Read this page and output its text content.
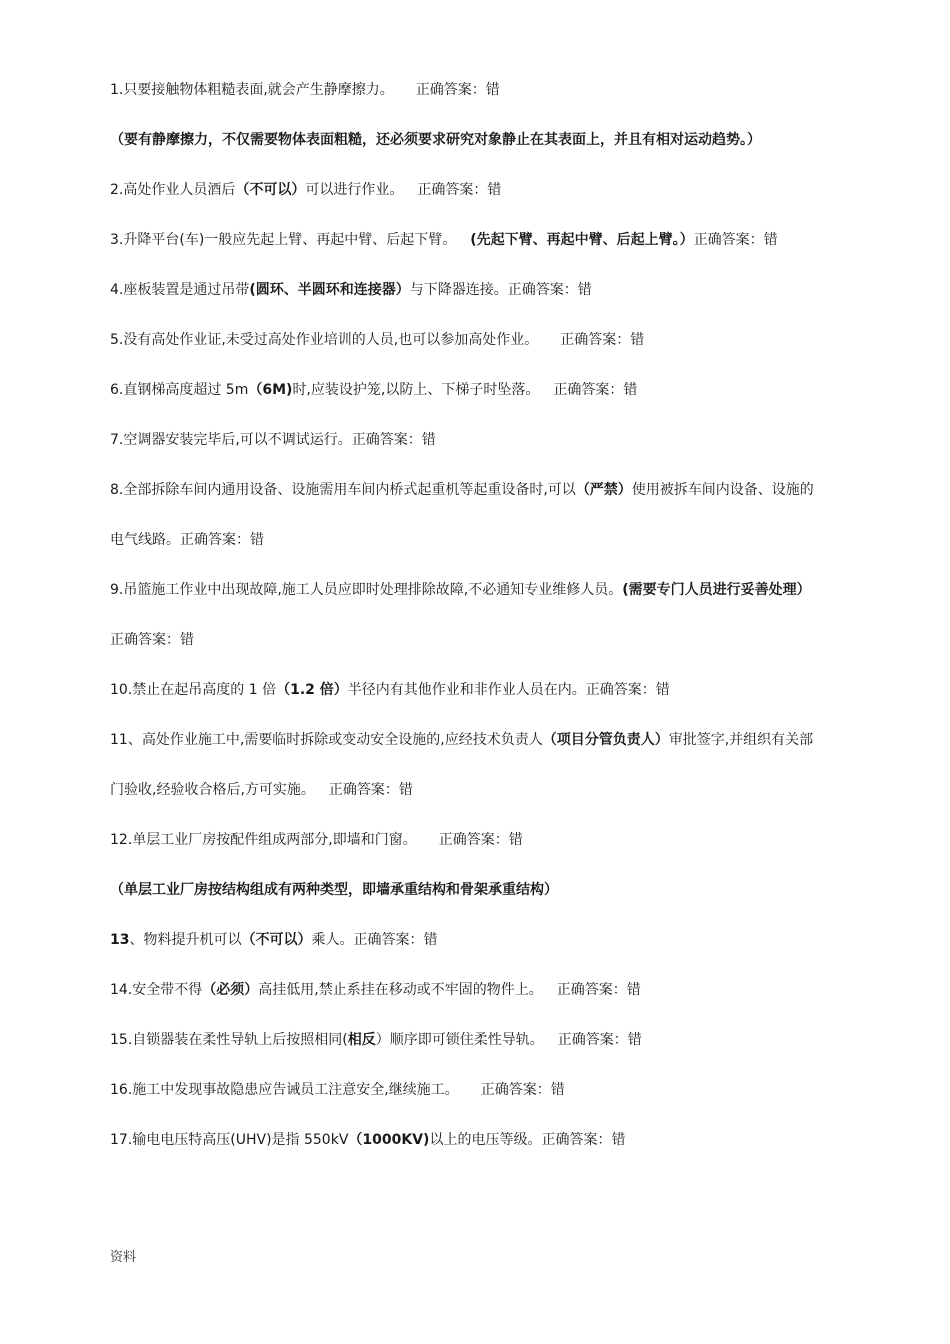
1.只要接触物体粗糙表面,就会产生静摩擦力。 正确答案：错
（要有静摩擦力，不仅需要物体表面粗糙，还必须要求研究对象静止在其表面上，并且有相对运动趋势。）
2.高处作业人员酒后（不可以）可以进行作业。 正确答案：错
3.升降平台(车)一般应先起上臂、再起中臂、后起下臂。 (先起下臂、再起中臂、后起上臂。）正确答案：错
4.座板装置是通过吊带(圆环、半圆环和连接器）与下降器连接。正确答案：错
5.没有高处作业证,未受过高处作业培训的人员,也可以参加高处作业。 正确答案：错
6.直钢梯高度超过 5m（6M)时,应装设护笼,以防上、下梯子时坠落。 正确答案：错
7.空调器安装完毕后,可以不调试运行。正确答案：错
8.全部拆除车间内通用设备、设施需用车间内桥式起重机等起重设备时,可以（严禁）使用被拆车间内设备、设施的
电气线路。正确答案：错
9.吊篮施工作业中出现故障,施工人员应即时处理排除故障,不必通知专业维修人员。(需要专门人员进行妥善处理）
正确答案：错
10.禁止在起吊高度的 1 倍（1.2 倍）半径内有其他作业和非作业人员在内。正确答案：错
11、高处作业施工中,需要临时拆除或变动安全设施的,应经技术负责人（项目分管负责人）审批签字,并组织有关部
门验收,经验收合格后,方可实施。 正确答案：错
12.单层工业厂房按配件组成两部分,即墙和门窗。 正确答案：错
（单层工业厂房按结构组成有两种类型，即墙承重结构和骨架承重结构）
13、物料提升机可以（不可以）乘人。正确答案：错
14.安全带不得（必须）高挂低用,禁止系挂在移动或不牢固的物件上。 正确答案：错
15.自锁器装在柔性导轨上后按照相同(相反）顺序即可锁住柔性导轨。 正确答案：错
16.施工中发现事故隐患应告诫员工注意安全,继续施工。 正确答案：错
17.输电电压特高压(UHV)是指 550kV（1000KV)以上的电压等级。正确答案：错
资料
